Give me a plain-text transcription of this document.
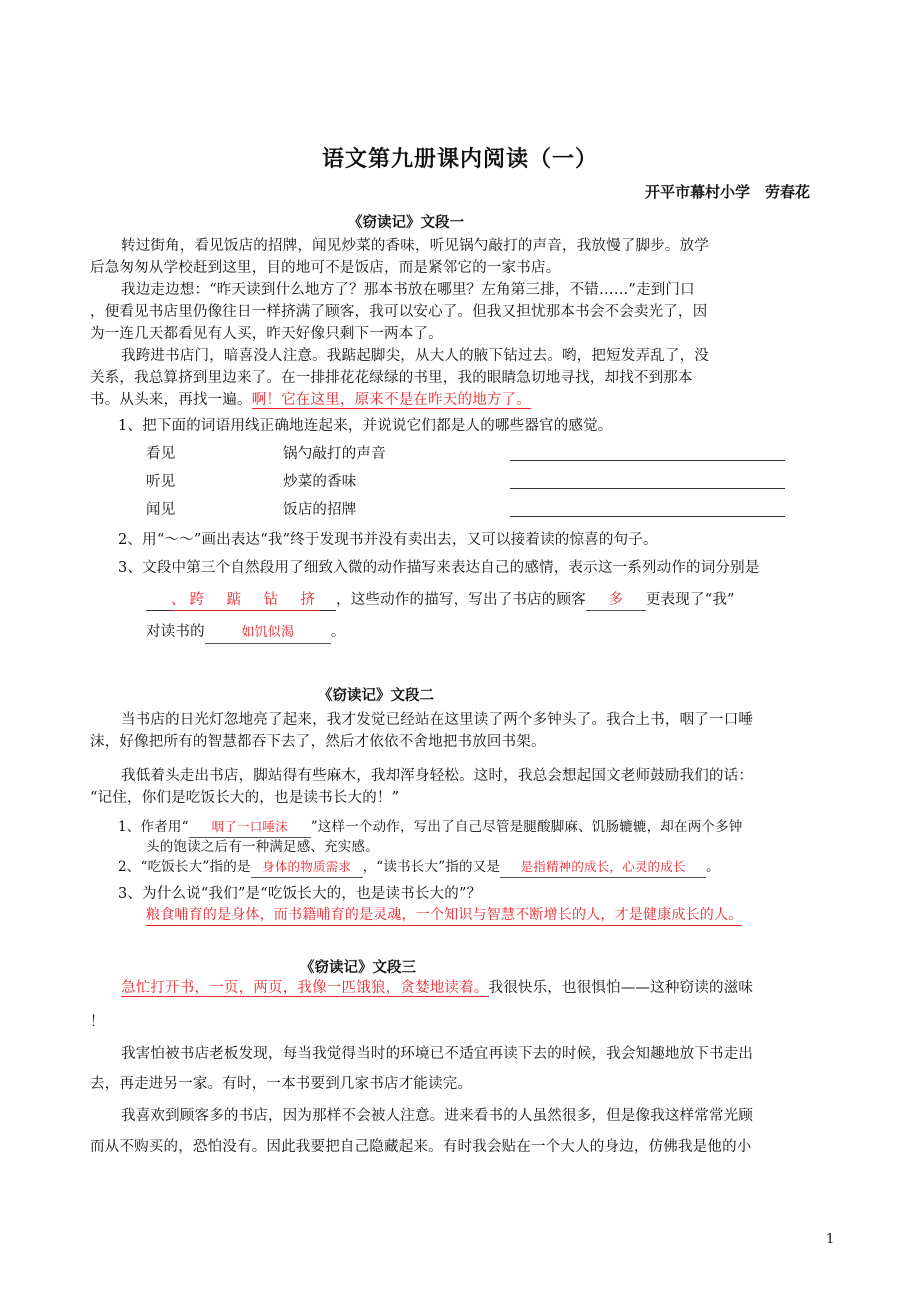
语文第九册课内阅读（一）
开平市幕村小学　劳春花
《窃读记》文段一
转过街角，看见饭店的招牌，闻见炒菜的香味，听见锅勺敲打的声音，我放慢了脚步。放学
后急匆匆从学校赶到这里，目的地可不是饭店，而是紧邻它的一家书店。
我边走边想：“昨天读到什么地方了？那本书放在哪里？左角第三排，不错……”走到门口
，便看见书店里仍像往日一样挤满了顾客，我可以安心了。但我又担忧那本书会不会卖光了，因
为一连几天都看见有人买，昨天好像只剩下一两本了。
我跨进书店门，暗喜没人注意。我踮起脚尖，从大人的腋下钻过去。哟，把短发弄乱了，没
关系，我总算挤到里边来了。在一排排花花绿绿的书里，我的眼睛急切地寻找，却找不到那本
书。从头来，再找一遍。啊！它在这里，原来不是在昨天的地方了。
1、把下面的词语用线正确地连起来，并说说它们都是人的哪些器官的感觉。
看见	锅勺敲打的声音
听见	炒菜的香味
闻见	饭店的招牌
2、用“～～”画出表达“我”终于发现书并没有卖出去，又可以接着读的惊喜的句子。
3、文段中第三个自然段用了细致入微的动作描写来表达自己的感情，表示这一系列动作的词分别是
、跨　踮　钻　挤 ，这些动作的描写，写出了书店的顾客 多 更表现了“我”
对读书的	如饥似渴	。
《窃读记》文段二
当书店的日光灯忽地亮了起来，我才发觉已经站在这里读了两个多钟头了。我合上书，咽了一口唾
沫，好像把所有的智慧都吞下去了，然后才依依不舍地把书放回书架。
我低着头走出书店，脚站得有些麻木，我却浑身轻松。这时，我总会想起国文老师鼓励我们的话：
“记住，你们是吃饭长大的，也是读书长大的！”
1、作者用“ 咽了一口唾沫 ”这样一个动作，写出了自己尽管是腿酸脚麻、饥肠辘辘，却在两个多钟
头的饱读之后有一种满足感、充实感。
2、“吃饭长大”指的是 身体的物质需求 ，“读书长大”指的又是 是指精神的成长，心灵的成长 。
3、为什么说“我们”是“吃饭长大的，也是读书长大的”？
粮食哺育的是身体，而书籍哺育的是灵魂，一个知识与智慧不断增长的人，才是健康成长的人。
《窃读记》文段三
急忙打开书，一页，两页，我像一匹饿狼，贪婪地读着。我很快乐，也很惧怕——这种窃读的滋味
！
我害怕被书店老板发现，每当我觉得当时的环境已不适宜再读下去的时候，我会知趣地放下书走出
去，再走进另一家。有时，一本书要到几家书店才能读完。
我喜欢到顾客多的书店，因为那样不会被人注意。进来看书的人虽然很多，但是像我这样常常光顾
而从不购买的，恐怕没有。因此我要把自己隐藏起来。有时我会贴在一个大人的身边，仿佛我是他的小
1
